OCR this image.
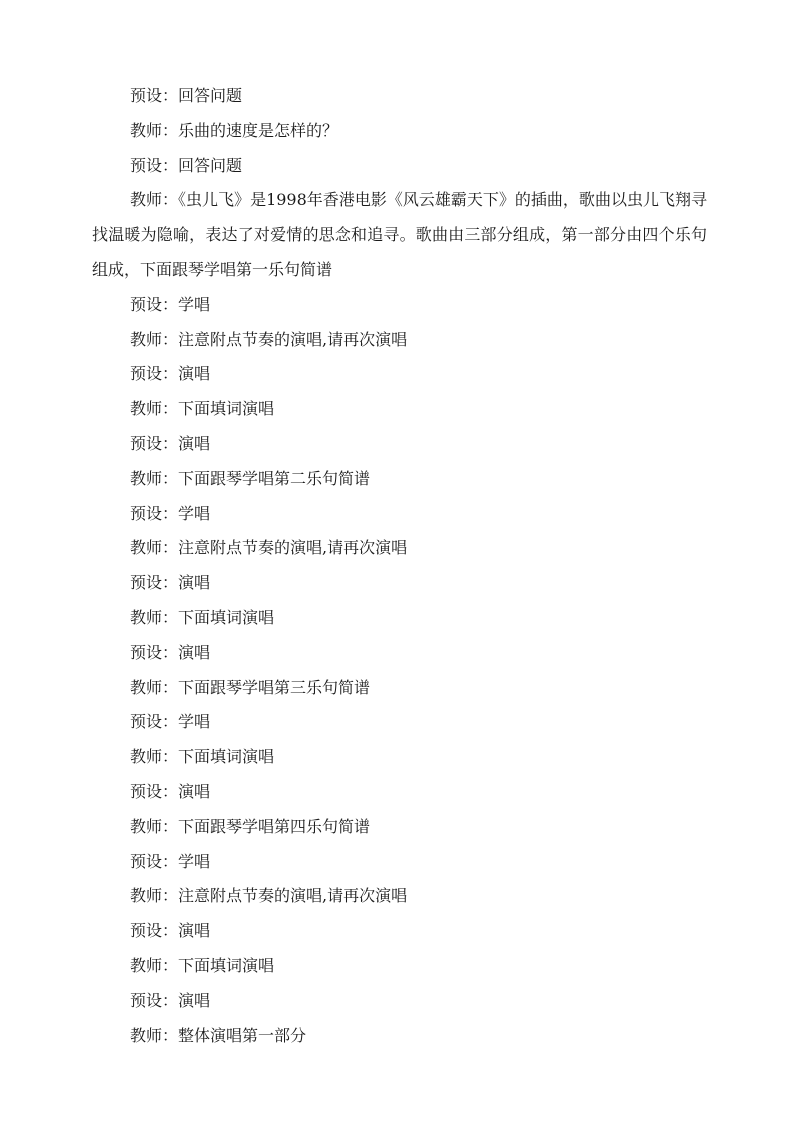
预设：回答问题

教师：乐曲的速度是怎样的？

预设：回答问题

教师：《虫儿飞》是1998年香港电影《风云雄霸天下》的插曲，歌曲以虫儿飞翔寻找温暖为隐喻，表达了对爱情的思念和追寻。歌曲由三部分组成，第一部分由四个乐句组成，下面跟琴学唱第一乐句简谱

预设：学唱

教师：注意附点节奏的演唱,请再次演唱

预设：演唱

教师：下面填词演唱

预设：演唱

教师：下面跟琴学唱第二乐句简谱

预设：学唱

教师：注意附点节奏的演唱,请再次演唱

预设：演唱

教师：下面填词演唱

预设：演唱

教师：下面跟琴学唱第三乐句简谱

预设：学唱

教师：下面填词演唱

预设：演唱

教师：下面跟琴学唱第四乐句简谱

预设：学唱

教师：注意附点节奏的演唱,请再次演唱

预设：演唱

教师：下面填词演唱

预设：演唱

教师：整体演唱第一部分
